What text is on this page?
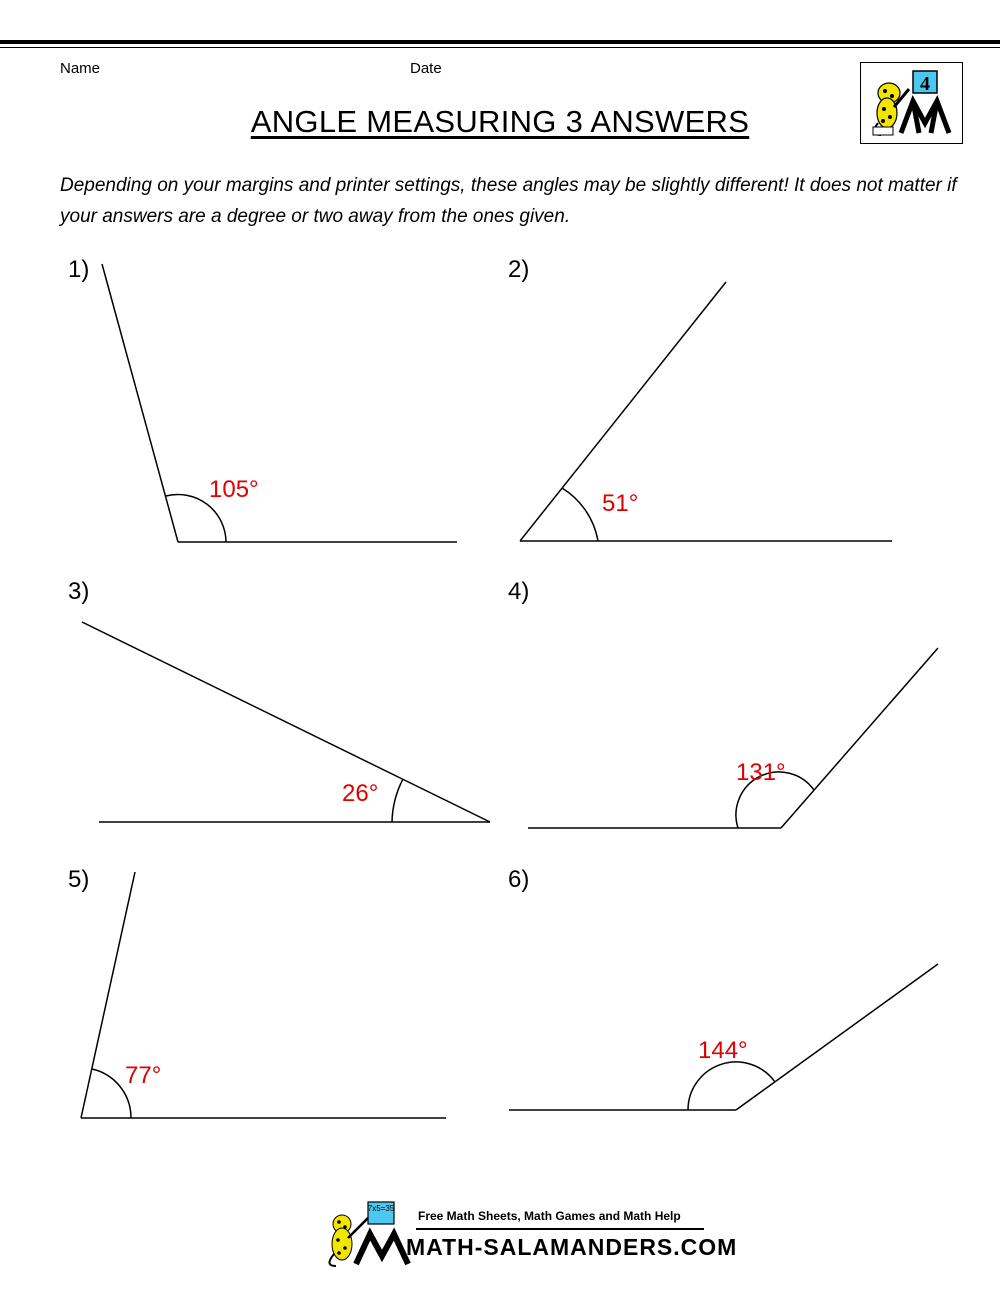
Name	Date
ANGLE MEASURING 3 ANSWERS
4
Depending on your margins and printer settings, these angles may be slightly different! It does not matter if your answers are a degree or two away from the ones given.
1)	2)
3)	4)
5)	6)
105°
51°
26°
131°
77°
144°
7x5=35
Free Math Sheets, Math Games and Math Help
MATH-SALAMANDERS.COM
